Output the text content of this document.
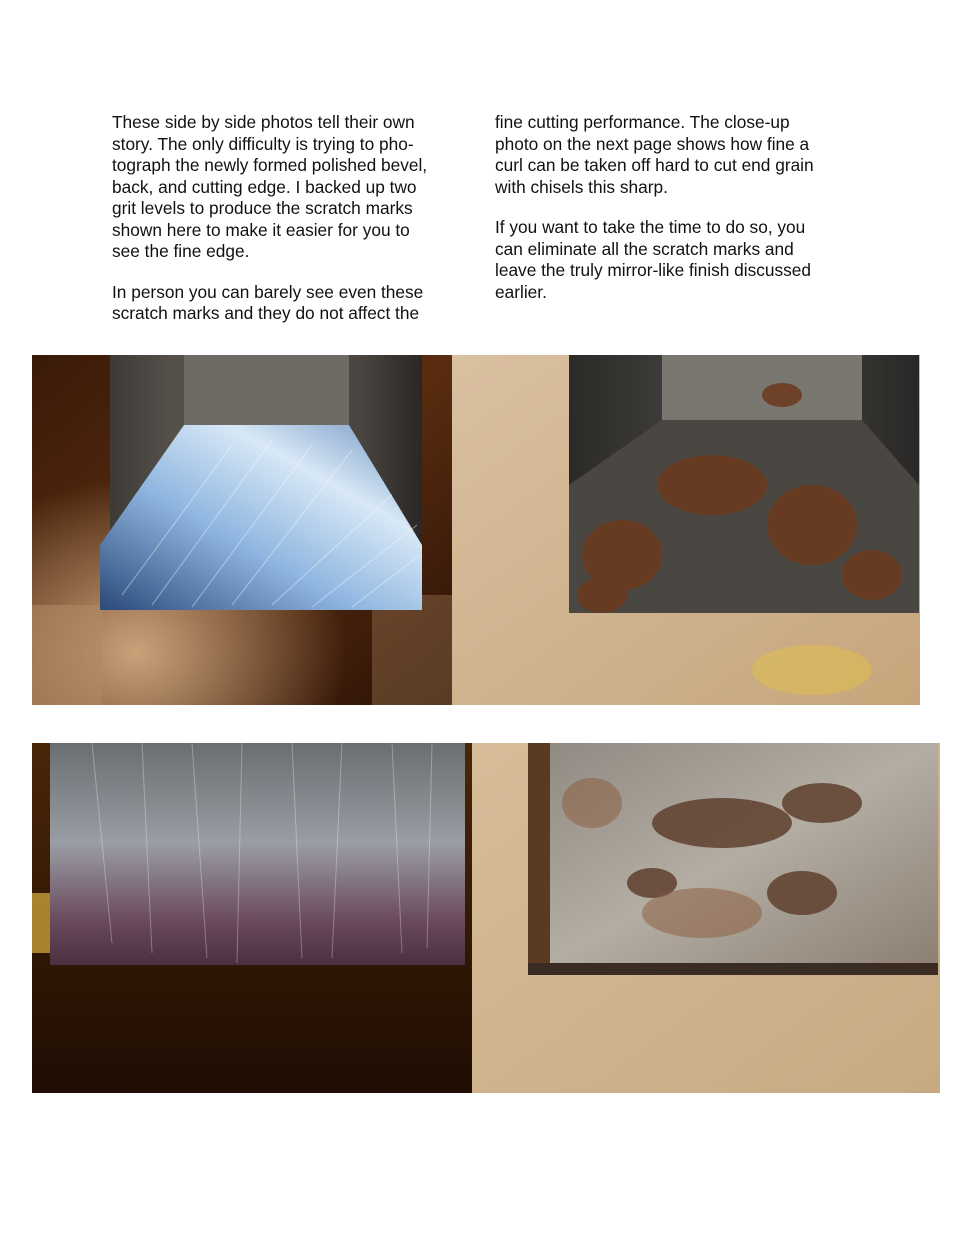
These side by side photos tell their own
story. The only difficulty is trying to pho-
tograph the newly formed polished bevel,
back, and cutting edge. I backed up two
grit levels to produce the scratch marks
shown here to make it easier for you to
see the fine edge.

In person you can barely see even these
scratch marks and they do not affect the

fine cutting performance. The close-up
photo on the next page shows how fine a
curl can be taken off hard to cut end grain
with chisels this sharp.

If you want to take the time to do so, you
can eliminate all the scratch marks and
leave the truly mirror-like finish discussed
earlier.
